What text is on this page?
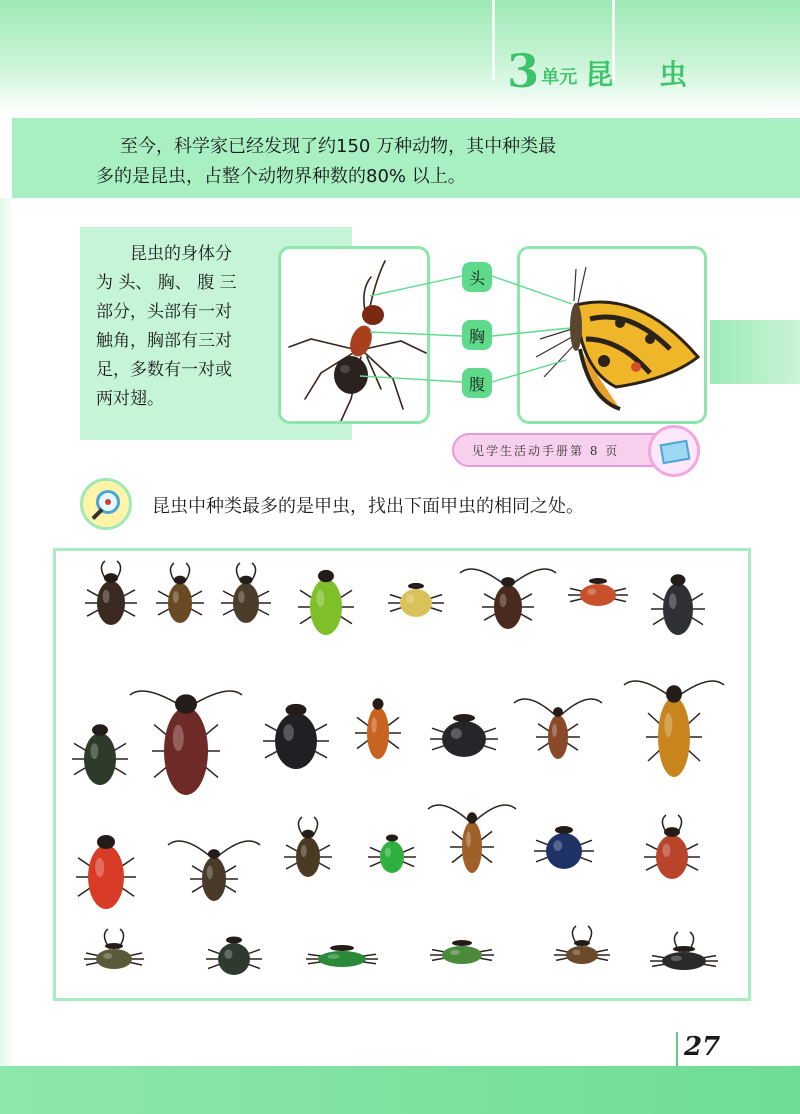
3 单元 昆 虫
至今，科学家已经发现了约150 万种动物，其中种类最
多的是昆虫，占整个动物界种数的80% 以上。
昆虫的身体分
为 头、 胸、 腹 三
部分，头部有一对
触角，胸部有三对
足，多数有一对或
两对翅。
头
胸
腹
见学生活动手册第 8 页
昆虫中种类最多的是甲虫，找出下面甲虫的相同之处。
27
